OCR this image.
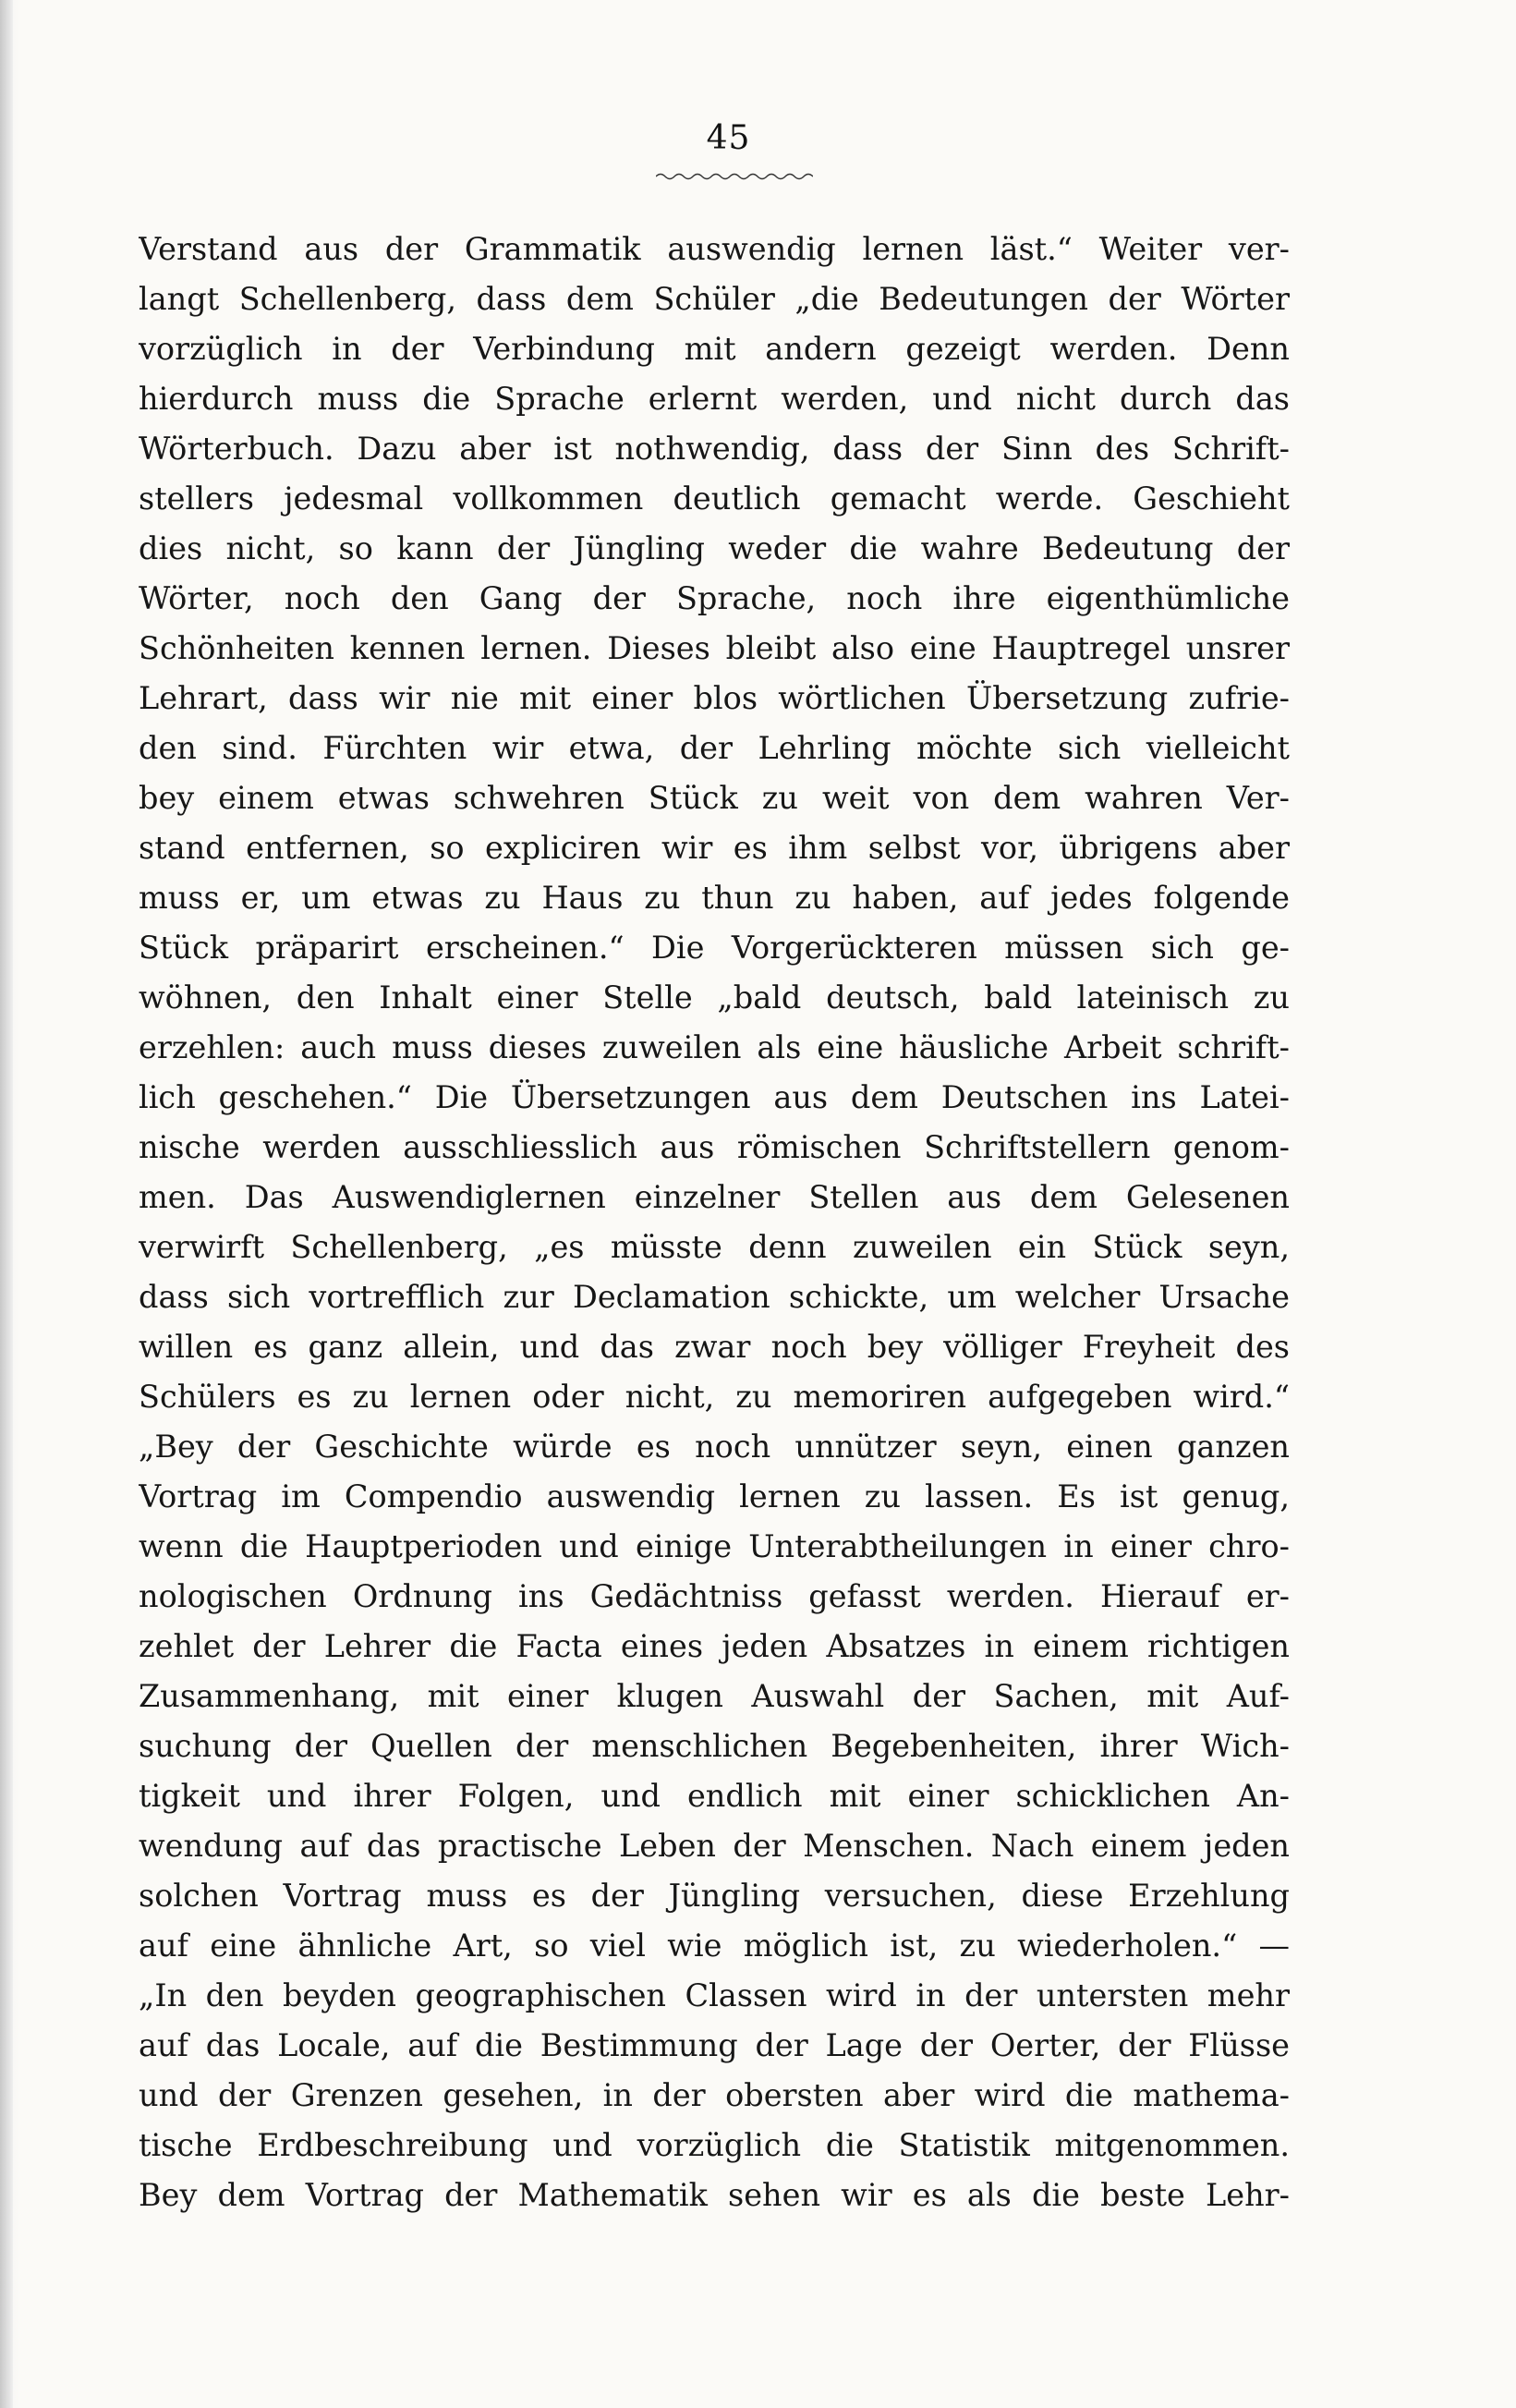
45
Verstand aus der Grammatik auswendig lernen läst.“ Weiter ver-
langt Schellenberg, dass dem Schüler „die Bedeutungen der Wörter
vorzüglich in der Verbindung mit andern gezeigt werden. Denn
hierdurch muss die Sprache erlernt werden, und nicht durch das
Wörterbuch. Dazu aber ist nothwendig, dass der Sinn des Schrift-
stellers jedesmal vollkommen deutlich gemacht werde. Geschieht
dies nicht, so kann der Jüngling weder die wahre Bedeutung der
Wörter, noch den Gang der Sprache, noch ihre eigenthümliche
Schönheiten kennen lernen. Dieses bleibt also eine Hauptregel unsrer
Lehrart, dass wir nie mit einer blos wörtlichen Übersetzung zufrie-
den sind. Fürchten wir etwa, der Lehrling möchte sich vielleicht
bey einem etwas schwehren Stück zu weit von dem wahren Ver-
stand entfernen, so expliciren wir es ihm selbst vor, übrigens aber
muss er, um etwas zu Haus zu thun zu haben, auf jedes folgende
Stück präparirt erscheinen.“ Die Vorgerückteren müssen sich ge-
wöhnen, den Inhalt einer Stelle „bald deutsch, bald lateinisch zu
erzehlen: auch muss dieses zuweilen als eine häusliche Arbeit schrift-
lich geschehen.“ Die Übersetzungen aus dem Deutschen ins Latei-
nische werden ausschliesslich aus römischen Schriftstellern genom-
men. Das Auswendiglernen einzelner Stellen aus dem Gelesenen
verwirft Schellenberg, „es müsste denn zuweilen ein Stück seyn,
dass sich vortrefflich zur Declamation schickte, um welcher Ursache
willen es ganz allein, und das zwar noch bey völliger Freyheit des
Schülers es zu lernen oder nicht, zu memoriren aufgegeben wird.“
„Bey der Geschichte würde es noch unnützer seyn, einen ganzen
Vortrag im Compendio auswendig lernen zu lassen. Es ist genug,
wenn die Hauptperioden und einige Unterabtheilungen in einer chro-
nologischen Ordnung ins Gedächtniss gefasst werden. Hierauf er-
zehlet der Lehrer die Facta eines jeden Absatzes in einem richtigen
Zusammenhang, mit einer klugen Auswahl der Sachen, mit Auf-
suchung der Quellen der menschlichen Begebenheiten, ihrer Wich-
tigkeit und ihrer Folgen, und endlich mit einer schicklichen An-
wendung auf das practische Leben der Menschen. Nach einem jeden
solchen Vortrag muss es der Jüngling versuchen, diese Erzehlung
auf eine ähnliche Art, so viel wie möglich ist, zu wiederholen.“ —
„In den beyden geographischen Classen wird in der untersten mehr
auf das Locale, auf die Bestimmung der Lage der Oerter, der Flüsse
und der Grenzen gesehen, in der obersten aber wird die mathema-
tische Erdbeschreibung und vorzüglich die Statistik mitgenommen.
Bey dem Vortrag der Mathematik sehen wir es als die beste Lehr-
